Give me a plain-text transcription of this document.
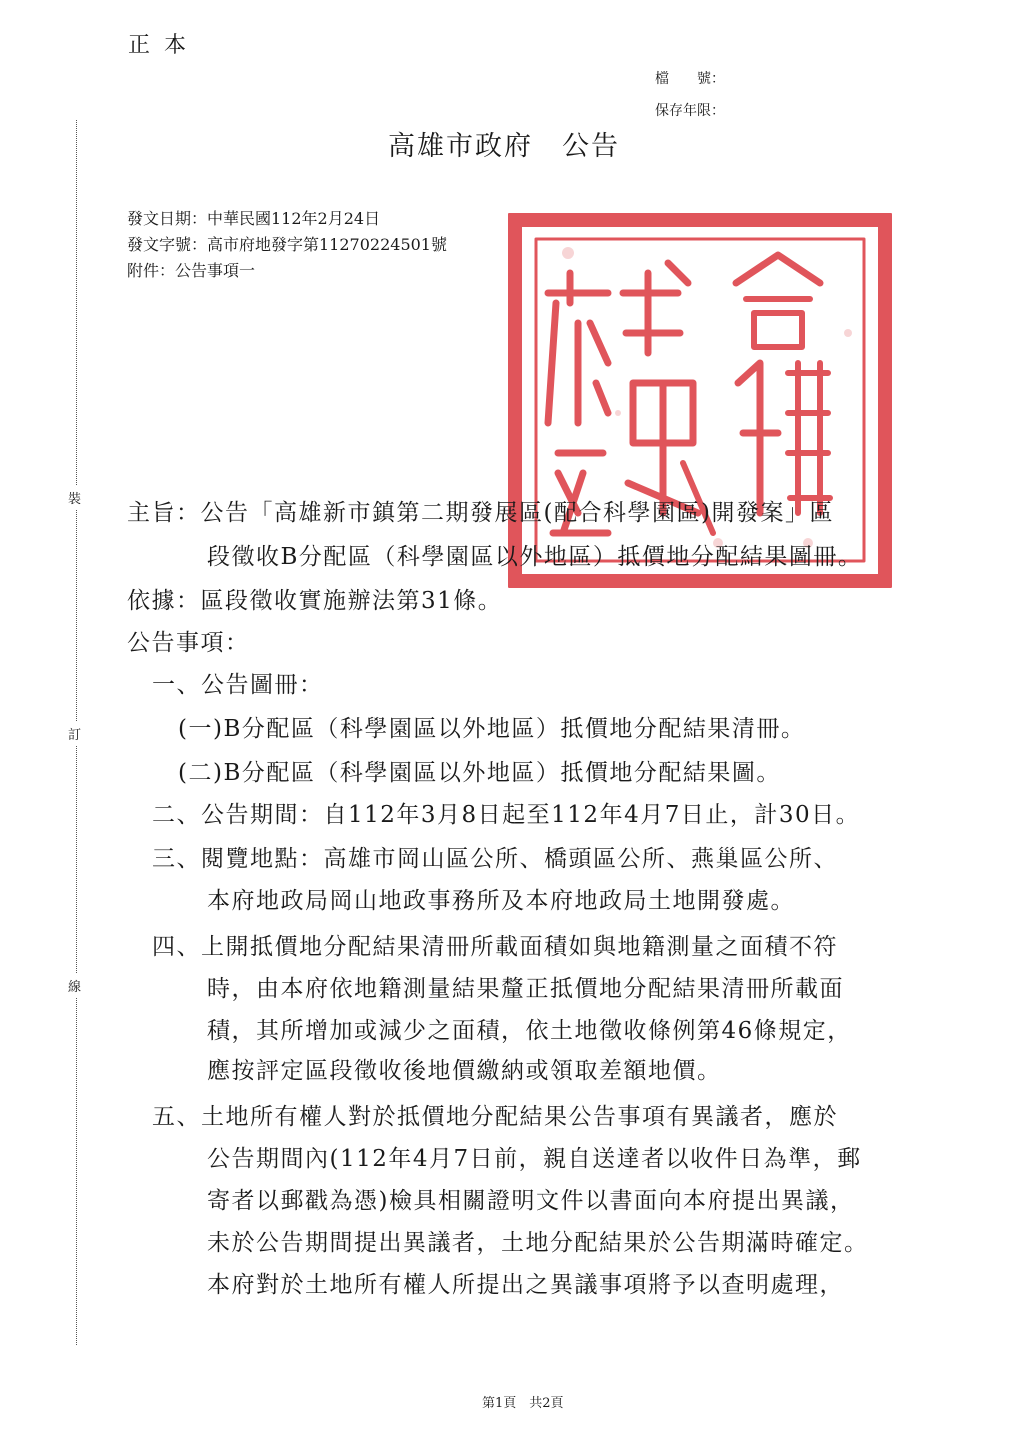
裝
訂
線
正本
檔　　號：
保存年限：
高雄市政府　公告
發文日期：中華民國112年2月24日
發文字號：高市府地發字第11270224501號
附件：公告事項一
主旨：公告「高雄新市鎮第二期發展區(配合科學園區)開發案」區
段徵收B分配區（科學園區以外地區）抵價地分配結果圖冊。
依據：區段徵收實施辦法第31條。
公告事項：
一、公告圖冊：
(一)B分配區（科學園區以外地區）抵價地分配結果清冊。
(二)B分配區（科學園區以外地區）抵價地分配結果圖。
二、公告期間：自112年3月8日起至112年4月7日止，計30日。
三、閱覽地點：高雄市岡山區公所、橋頭區公所、燕巢區公所、
本府地政局岡山地政事務所及本府地政局土地開發處。
四、上開抵價地分配結果清冊所載面積如與地籍測量之面積不符
時，由本府依地籍測量結果釐正抵價地分配結果清冊所載面
積，其所增加或減少之面積，依土地徵收條例第46條規定，
應按評定區段徵收後地價繳納或領取差額地價。
五、土地所有權人對於抵價地分配結果公告事項有異議者，應於
公告期間內(112年4月7日前，親自送達者以收件日為準，郵
寄者以郵戳為憑)檢具相關證明文件以書面向本府提出異議，
未於公告期間提出異議者，土地分配結果於公告期滿時確定。
本府對於土地所有權人所提出之異議事項將予以查明處理，
第1頁　共2頁
